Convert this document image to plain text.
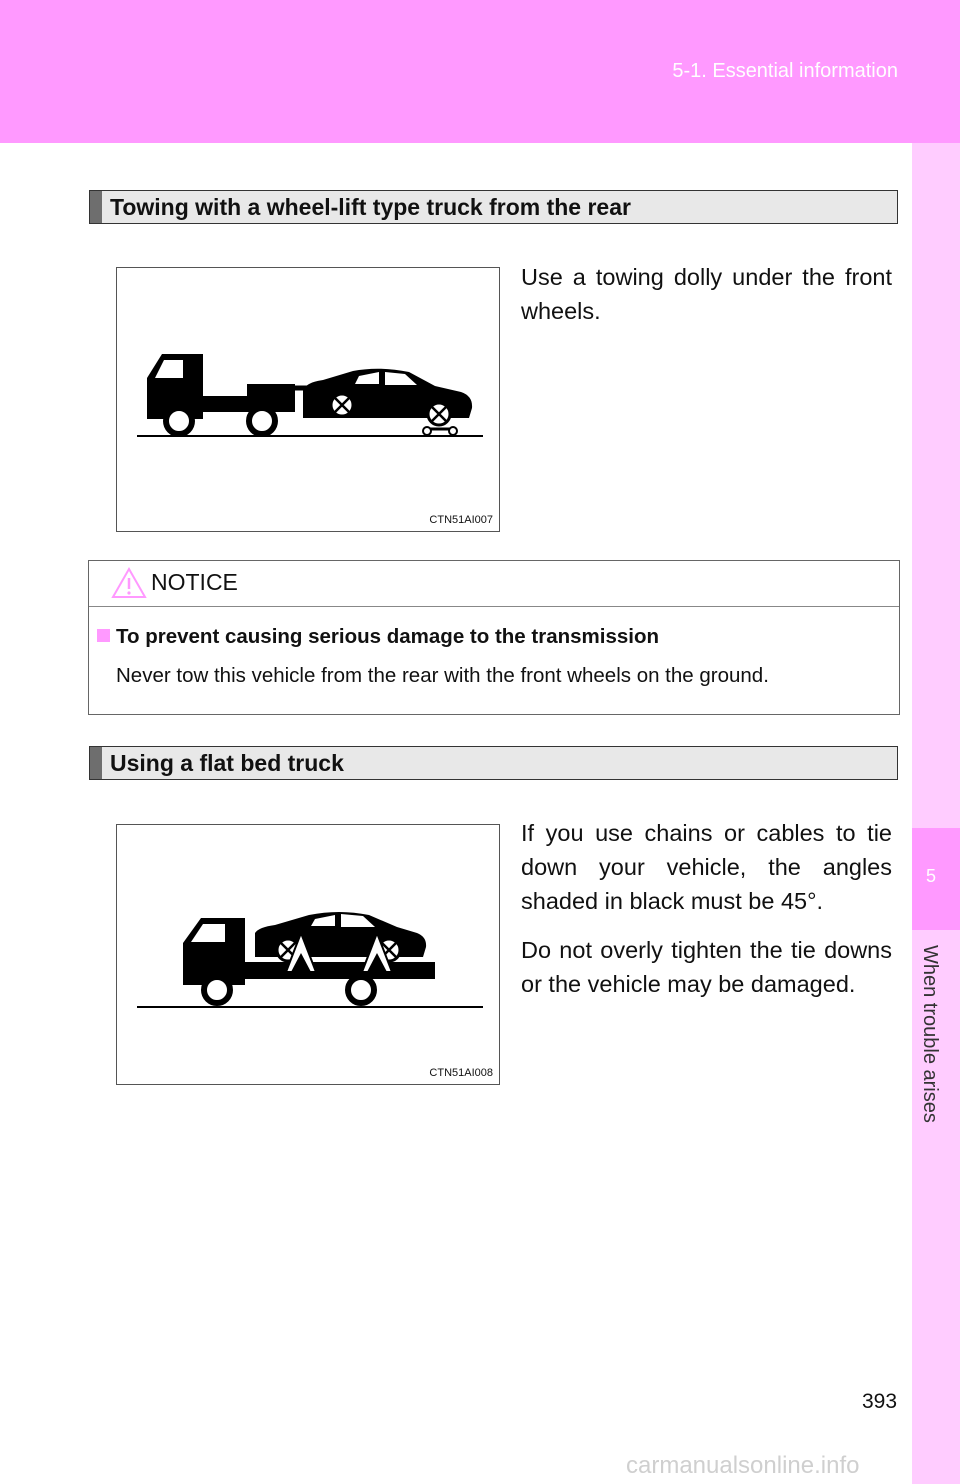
5-1. Essential information
5
When trouble arises
Towing with a wheel-lift type truck from the rear
CTN51AI007

Use a towing dolly under the front wheels.

NOTICE
To prevent causing serious damage to the transmission
Never tow this vehicle from the rear with the front wheels on the ground.
Using a flat bed truck
CTN51AI008

If you use chains or cables to tie down your vehicle, the angles shaded in black must be 45°.

Do not overly tighten the tie downs or the vehicle may be damaged.

393
carmanualsonline.info
